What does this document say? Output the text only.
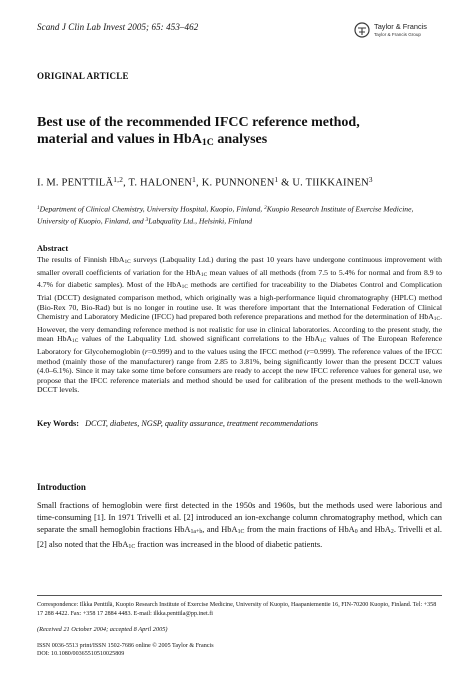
Scand J Clin Lab Invest 2005; 65: 453–462	Taylor & Francis
Taylor & Francis Group
ORIGINAL ARTICLE
Best use of the recommended IFCC reference method,
material and values in HbA1C analyses
I. M. PENTTILÄ$^{1,2}$, T. HALONEN$^1$, K. PUNNONEN$^1$ & U. TIIKKAINEN$^3$
$^1$Department of Clinical Chemistry, University Hospital, Kuopio, Finland, $^2$Kuopio Research Institute of Exercise Medicine, University of Kuopio, Finland, and $^3$Labquality Ltd., Helsinki, Finland
Abstract
The results of Finnish HbA$_{1C}$ surveys (Labquality Ltd.) during the past 10 years have undergone continuous improvement with smaller overall coefficients of variation for the HbA$_{1C}$ mean values of all methods (from 7.5 to 5.4% for normal and from 8.9 to 4.7% for diabetic samples). Most of the HbA$_{1C}$ methods are certified for traceability to the Diabetes Control and Complication Trial (DCCT) designated comparison method, which originally was a high-performance liquid chromatography (HPLC) method (Bio-Rex 70, Bio-Rad) but is no longer in routine use. It was therefore important that the International Federation of Clinical Chemistry and Laboratory Medicine (IFCC) had prepared both reference preparations and method for the determination of HbA$_{1C}$. However, the very demanding reference method is not realistic for use in clinical laboratories. According to the present study, the mean HbA$_{1C}$ values of the Labquality Ltd. showed significant correlations to the HbA$_{1C}$ values of The European Reference Laboratory for Glycohemoglobin (r=0.999) and to the values using the IFCC method (r=0.999). The reference values of the IFCC method (mainly those of the manufacturer) range from 2.85 to 3.81%, being significantly lower than the present DCCT values (4.0–6.1%). Since it may take some time before consumers are ready to accept the new IFCC reference values for general use, we propose that the IFCC reference materials and method should be used for calibration of the present methods to the well-known DCCT levels.
Key Words: DCCT, diabetes, NGSP, quality assurance, treatment recommendations
Introduction
Small fractions of hemoglobin were first detected in the 1950s and 1960s, but the methods used were laborious and time-consuming [1]. In 1971 Trivelli et al. [2] introduced an ion-exchange column chromatography method, which can separate the small hemoglobin fractions HbA$_{1a+b}$, and HbA$_{1C}$ from the main fractions of HbA$_0$ and HbA$_2$. Trivelli et al. [2] also noted that the HbA$_{1C}$ fraction was increased in the blood of diabetic patients.
Correspondence: Ilkka Penttilä, Kuopio Research Institute of Exercise Medicine, University of Kuopio, Haapaniementie 16, FIN-70200 Kuopio, Finland. Tel: +358 17 288 4422. Fax: +358 17 2884 4483. E-mail: ilkka.penttila@pp.inet.fi
(Received 21 October 2004; accepted 8 April 2005)
ISSN 0036-5513 print/ISSN 1502-7686 online © 2005 Taylor & Francis
DOI: 10.1080/00365510510025809
